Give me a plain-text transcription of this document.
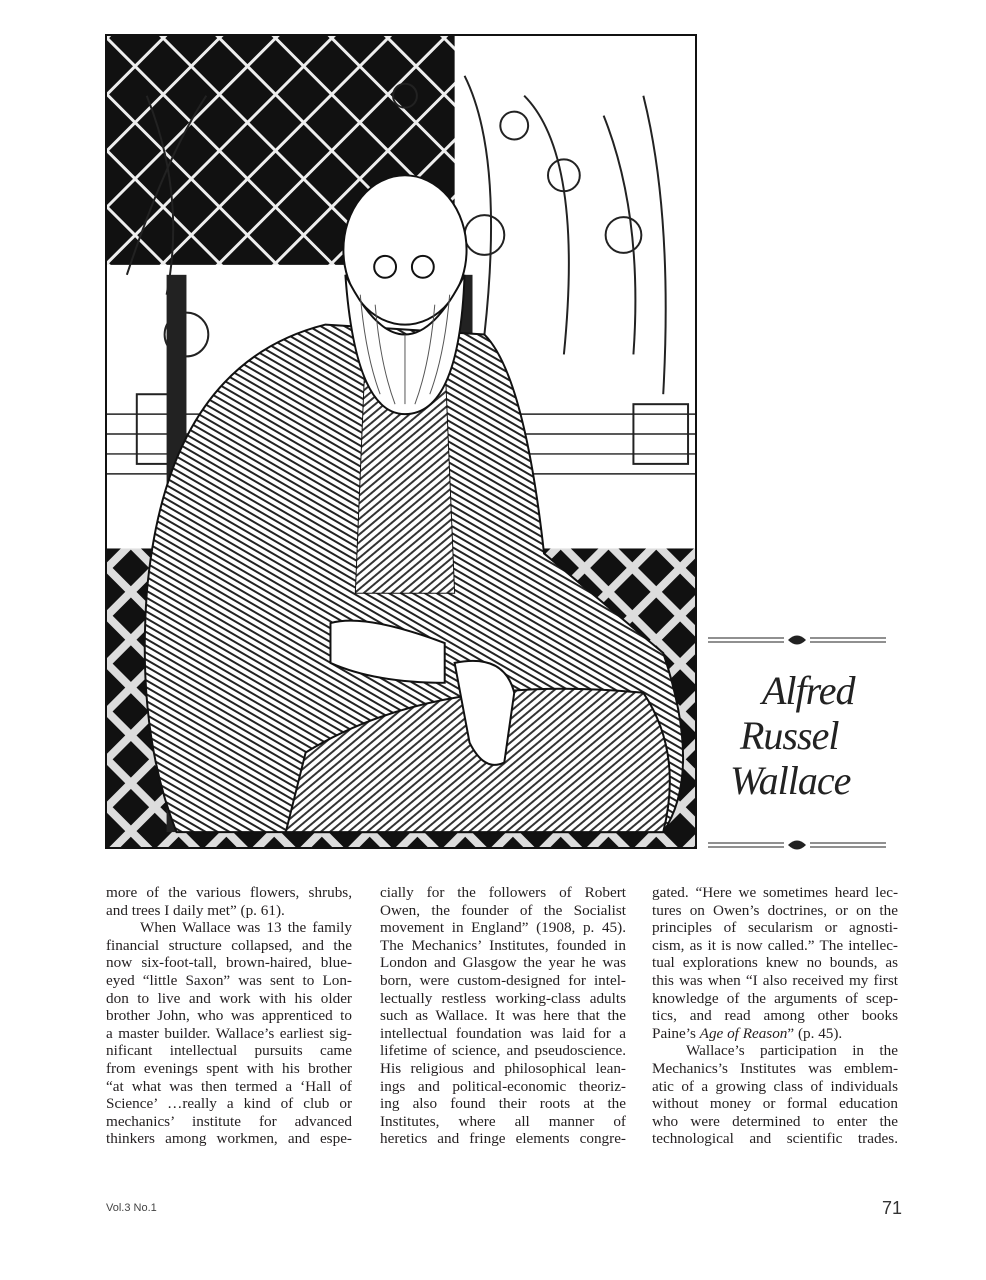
Alfred
Russel
Wallace
more of the various flowers, shrubs,
and trees I daily met” (p. 61).
When Wallace was 13 the family
financial structure collapsed, and the
now six-foot-tall, brown-haired, blue-
eyed “little Saxon” was sent to Lon-
don to live and work with his older
brother John, who was apprenticed to
a master builder. Wallace’s earliest sig-
nificant intellectual pursuits came
from evenings spent with his brother
“at what was then termed a ‘Hall of
Science’ …really a kind of club or
mechanics’ institute for advanced
thinkers among workmen, and espe-
cially for the followers of Robert
Owen, the founder of the Socialist
movement in England” (1908, p. 45).
The Mechanics’ Institutes, founded in
London and Glasgow the year he was
born, were custom-designed for intel-
lectually restless working-class adults
such as Wallace. It was here that the
intellectual foundation was laid for a
lifetime of science, and pseudoscience.
His religious and philosophical lean-
ings and political-economic theoriz-
ing also found their roots at the
Institutes, where all manner of
heretics and fringe elements congre-
gated. “Here we sometimes heard lec-
tures on Owen’s doctrines, or on the
principles of secularism or agnosti-
cism, as it is now called.” The intellec-
tual explorations knew no bounds, as
this was when “I also received my first
knowledge of the arguments of scep-
tics, and read among other books
Paine’s Age of Reason” (p. 45).
Wallace’s participation in the
Mechanics’s Institutes was emblem-
atic of a growing class of individuals
without money or formal education
who were determined to enter the
technological and scientific trades.
Vol.3 No.1	71
